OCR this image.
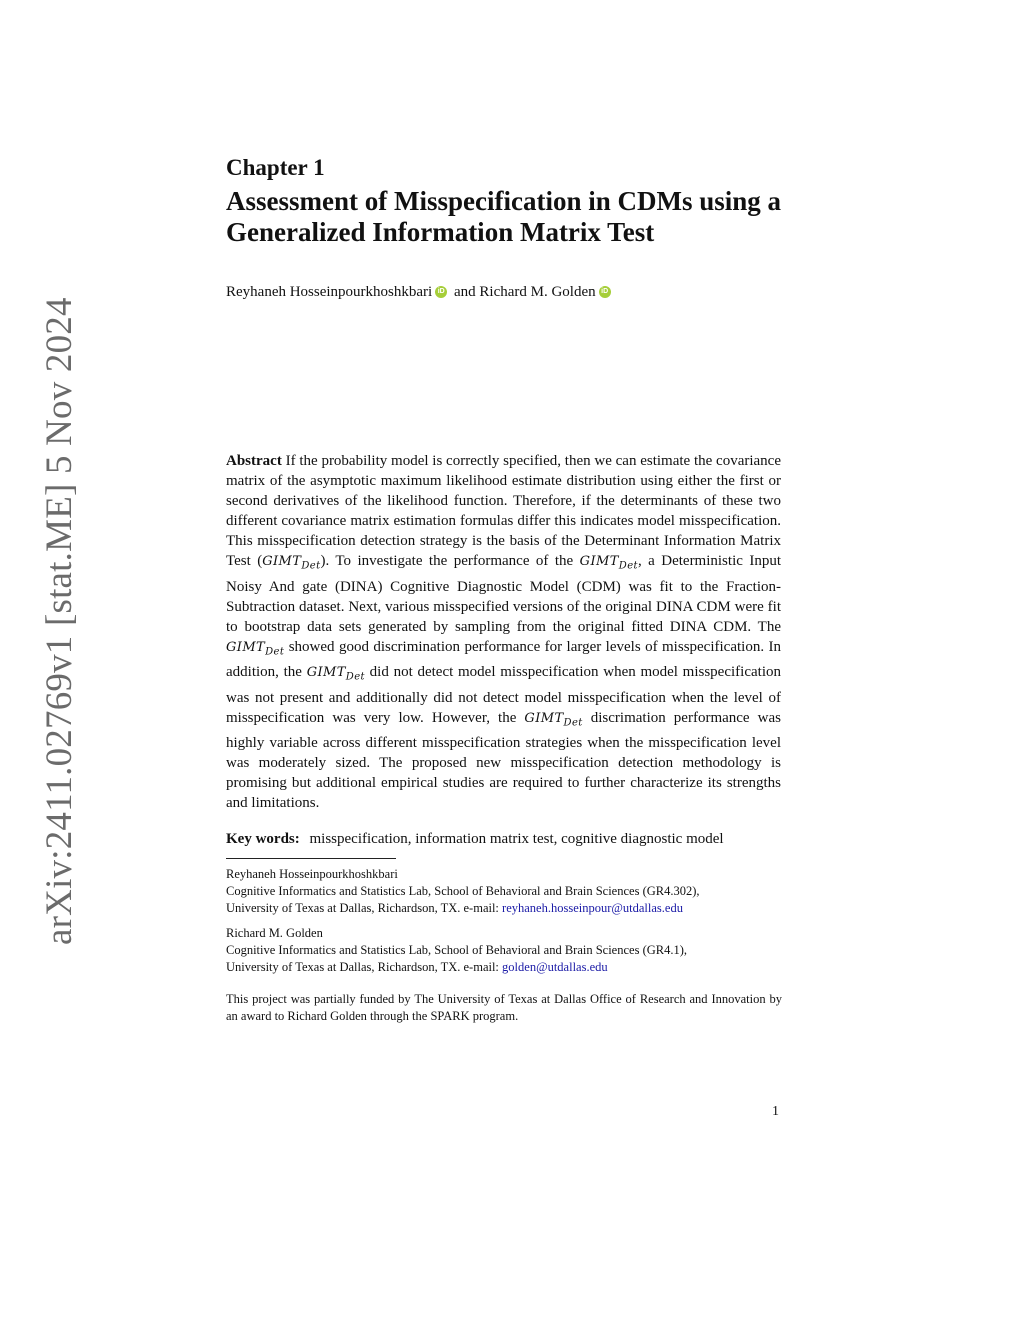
arXiv:2411.02769v1 [stat.ME] 5 Nov 2024
Chapter 1
Assessment of Misspecification in CDMs using a
Generalized Information Matrix Test
Reyhaneh Hosseinpourkhoshkbari iD and Richard M. Golden iD
Abstract If the probability model is correctly specified, then we can estimate the covariance matrix of the asymptotic maximum likelihood estimate distribution using either the first or second derivatives of the likelihood function. Therefore, if the determinants of these two different covariance matrix estimation formulas differ this indicates model misspecification. This misspecification detection strategy is the basis of the Determinant Information Matrix Test $(GIMT_{Det})$. To investigate the performance of the $GIMT_{Det}$, a Deterministic Input Noisy And gate (DINA) Cognitive Diagnostic Model (CDM) was fit to the Fraction-Subtraction dataset. Next, various misspecified versions of the original DINA CDM were fit to bootstrap data sets generated by sampling from the original fitted DINA CDM. The $GIMT_{Det}$ showed good discrimination performance for larger levels of misspecification. In addition, the $GIMT_{Det}$ did not detect model misspecification when model misspecification was not present and additionally did not detect model misspecification when the level of misspecification was very low. However, the $GIMT_{Det}$ discrimation performance was highly variable across different misspecification strategies when the misspecification level was moderately sized. The proposed new misspecification detection methodology is promising but additional empirical studies are required to further characterize its strengths and limitations.
Key words: misspecification, information matrix test, cognitive diagnostic model
Reyhaneh Hosseinpourkhoshkbari
Cognitive Informatics and Statistics Lab, School of Behavioral and Brain Sciences (GR4.302),
University of Texas at Dallas, Richardson, TX. e-mail: reyhaneh.hosseinpour@utdallas.edu
Richard M. Golden
Cognitive Informatics and Statistics Lab, School of Behavioral and Brain Sciences (GR4.1),
University of Texas at Dallas, Richardson, TX. e-mail: golden@utdallas.edu
This project was partially funded by The University of Texas at Dallas Office of Research and Innovation by an award to Richard Golden through the SPARK program.
1
